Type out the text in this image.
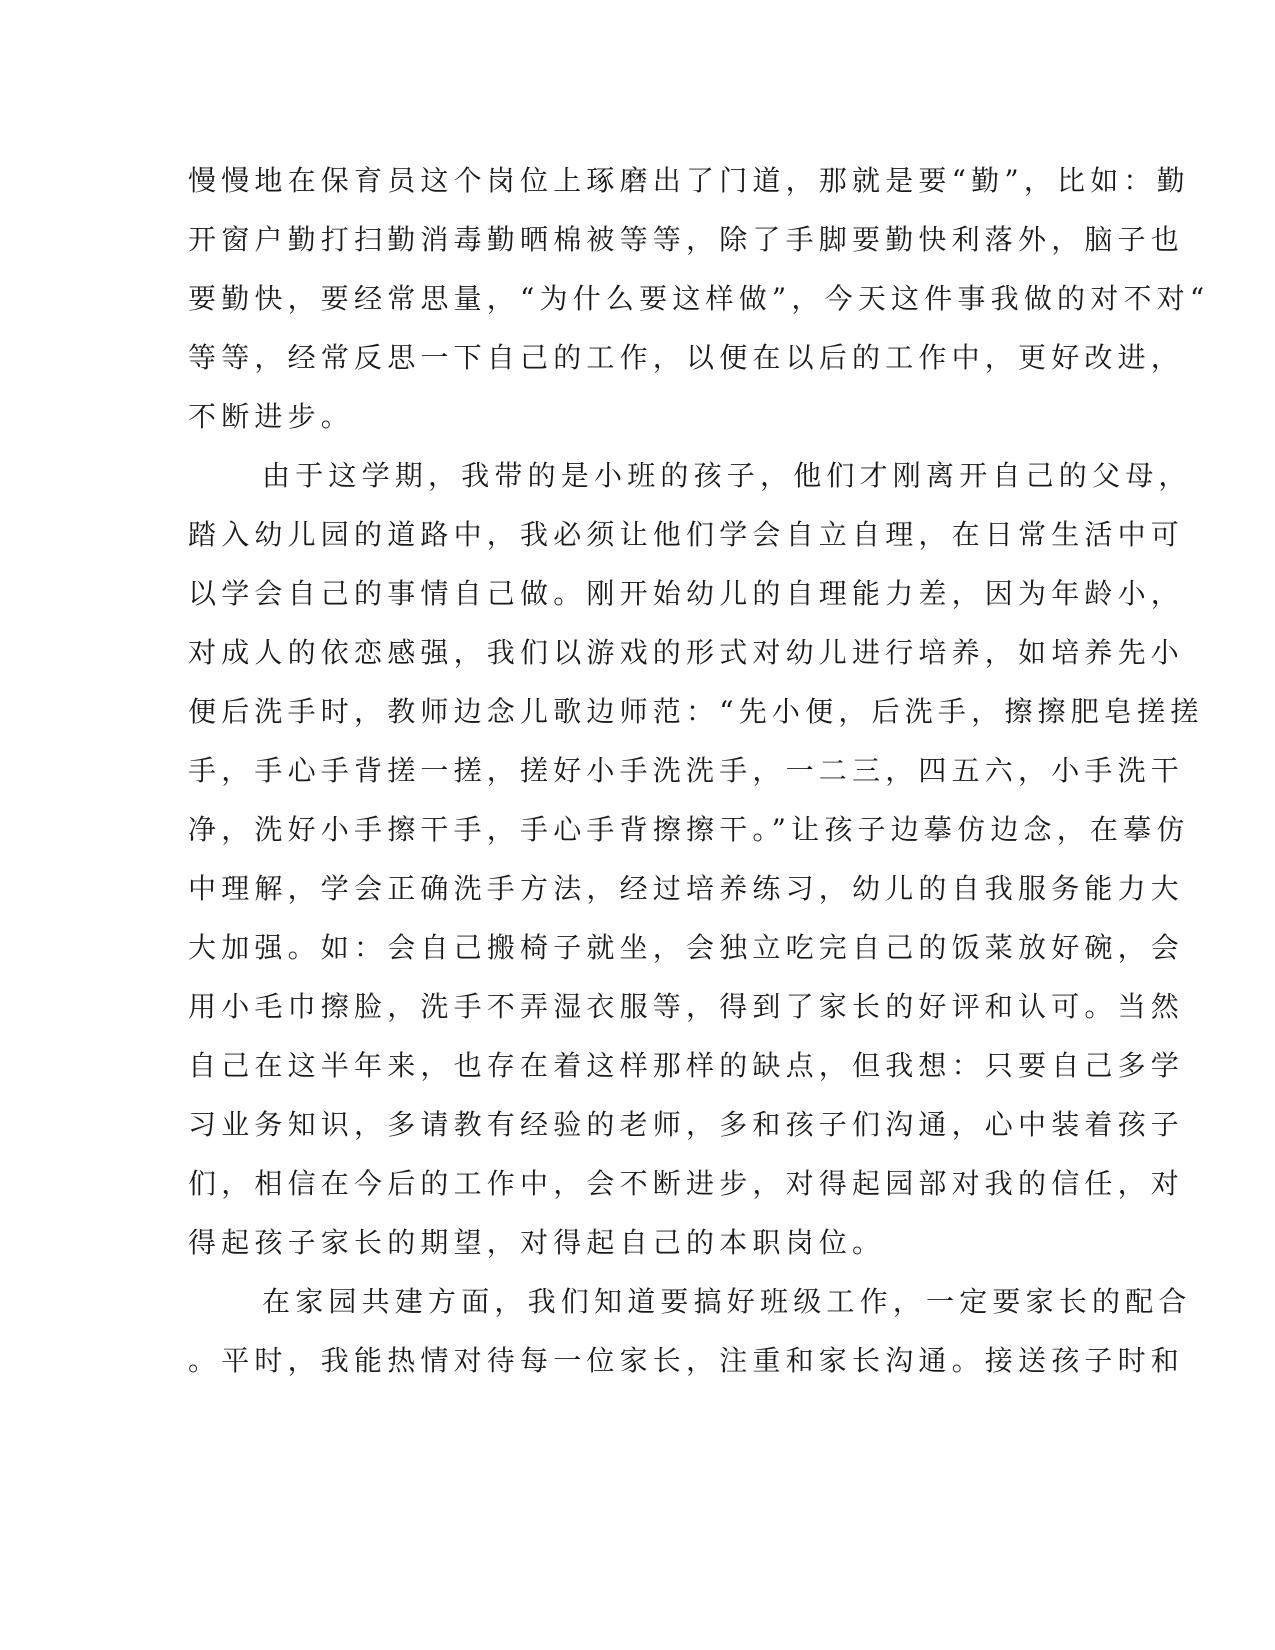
慢慢地在保育员这个岗位上琢磨出了门道，那就是要“勤”，比如：勤
开窗户勤打扫勤消毒勤晒棉被等等，除了手脚要勤快利落外，脑子也
要勤快，要经常思量，“为什么要这样做”，今天这件事我做的对不对“
等等，经常反思一下自己的工作，以便在以后的工作中，更好改进，
不断进步。
由于这学期，我带的是小班的孩子，他们才刚离开自己的父母，
踏入幼儿园的道路中，我必须让他们学会自立自理，在日常生活中可
以学会自己的事情自己做。刚开始幼儿的自理能力差，因为年龄小，
对成人的依恋感强，我们以游戏的形式对幼儿进行培养，如培养先小
便后洗手时，教师边念儿歌边师范：“先小便，后洗手，擦擦肥皂搓搓
手，手心手背搓一搓，搓好小手洗洗手，一二三，四五六，小手洗干
净，洗好小手擦干手，手心手背擦擦干。”让孩子边摹仿边念，在摹仿
中理解，学会正确洗手方法，经过培养练习，幼儿的自我服务能力大
大加强。如：会自己搬椅子就坐，会独立吃完自己的饭菜放好碗，会
用小毛巾擦脸，洗手不弄湿衣服等，得到了家长的好评和认可。当然
自己在这半年来，也存在着这样那样的缺点，但我想：只要自己多学
习业务知识，多请教有经验的老师，多和孩子们沟通，心中装着孩子
们，相信在今后的工作中，会不断进步，对得起园部对我的信任，对
得起孩子家长的期望，对得起自己的本职岗位。
在家园共建方面，我们知道要搞好班级工作，一定要家长的配合
。平时，我能热情对待每一位家长，注重和家长沟通。接送孩子时和
